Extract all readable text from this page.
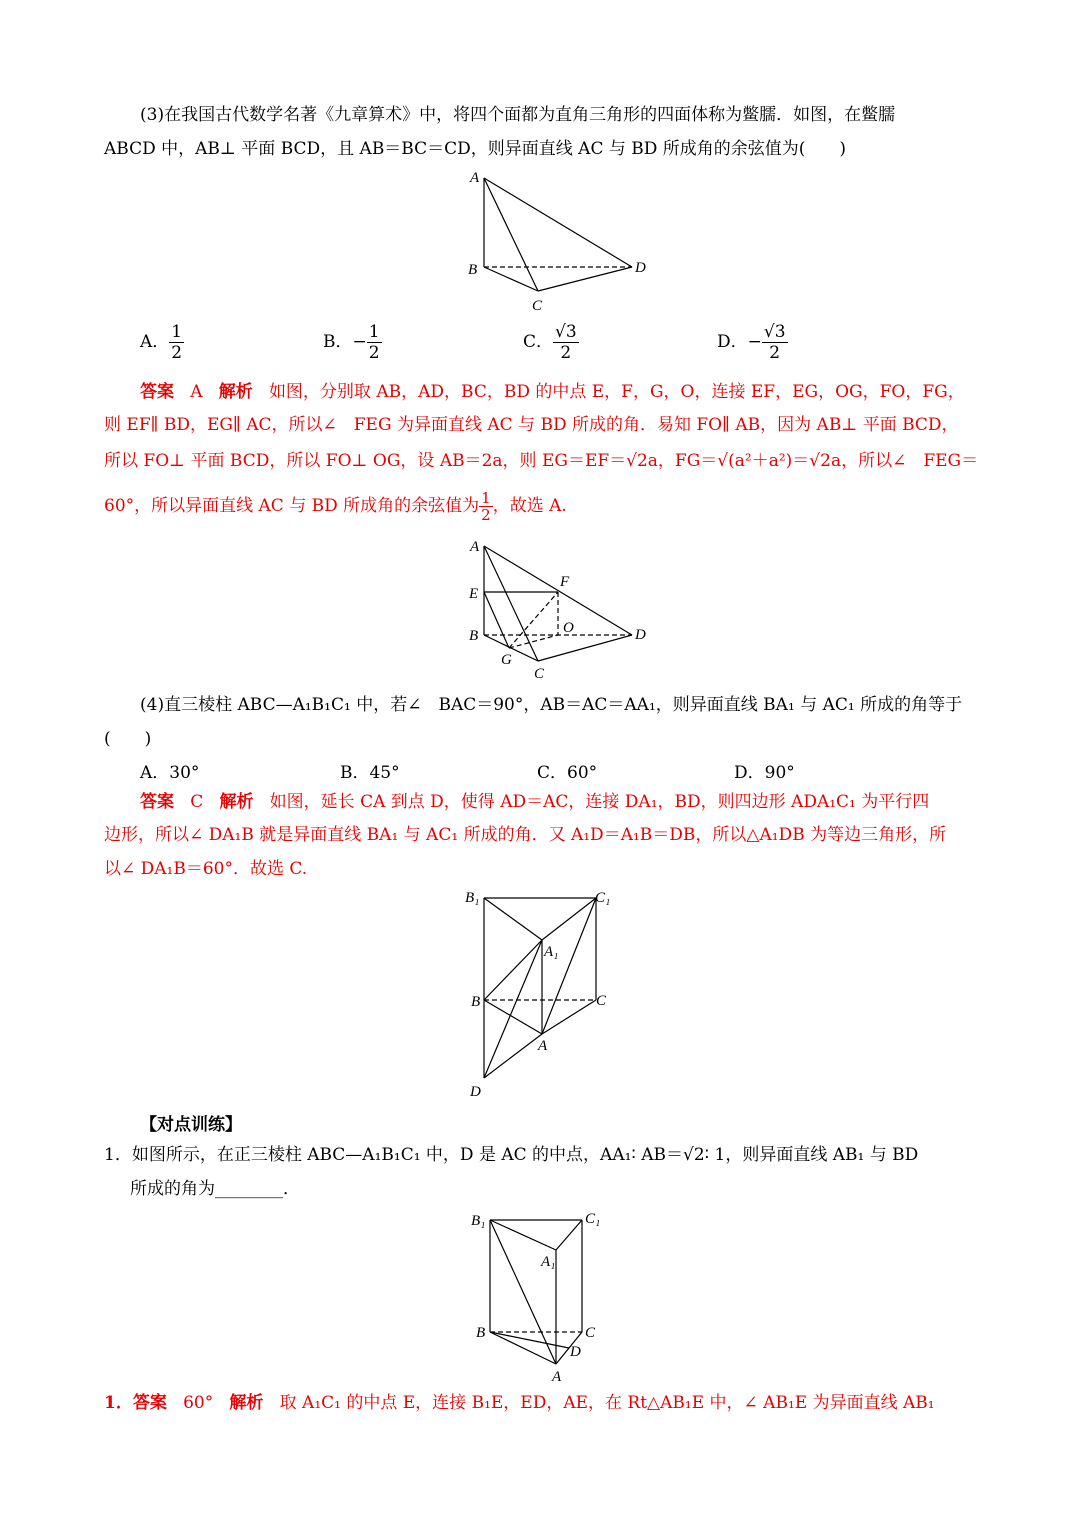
(3)在我国古代数学名著《九章算术》中，将四个面都为直角三角形的四面体称为鳖臑．如图，在鳖臑
ABCD 中，AB⊥ 平面 BCD，且 AB＝BC＝CD，则异面直线 AC 与 BD 所成角的余弦值为(　　)
A
B
C
D
A． $\frac{1}{2}$	B．− $\frac{1}{2}$	C． $\frac{√3}{2}$	D．− $\frac{√3}{2}$
答案 A 解析 如图，分别取 AB，AD，BC，BD 的中点 E，F，G，O，连接 EF，EG，OG，FO，FG，
则 EF∥ BD，EG∥ AC，所以∠　FEG 为异面直线 AC 与 BD 所成的角．易知 FO∥ AB，因为 AB⊥ 平面 BCD，
所以 FO⊥ 平面 BCD，所以 FO⊥ OG，设 AB＝2a，则 EG＝EF＝√2a，FG＝√(a²＋a²)＝√2a，所以∠　FEG＝
60°，所以异面直线 AC 与 BD 所成角的余弦值为 $\frac{1}{2}$ ，故选 A.
A
E
F
B	O	D
G
C
(4)直三棱柱 ABC—A₁B₁C₁ 中，若∠　BAC＝90°，AB＝AC＝AA₁，则异面直线 BA₁ 与 AC₁ 所成的角等于
(　　)
A．30°	B．45°	C．60°	D．90°
答案 C 解析 如图，延长 CA 到点 D，使得 AD＝AC，连接 DA₁，BD，则四边形 ADA₁C₁ 为平行四
边形，所以∠ DA₁B 就是异面直线 BA₁ 与 AC₁ 所成的角．又 A₁D＝A₁B＝DB，所以△A₁DB 为等边三角形，所
以∠ DA₁B＝60°．故选 C.
B₁	C₁
A₁
B	C
A
D
【对点训练】
1．如图所示，在正三棱柱 ABC—A₁B₁C₁ 中，D 是 AC 的中点，AA₁∶ AB＝√2∶ 1，则异面直线 AB₁ 与 BD
所成的角为________．
B₁	C₁
A₁
B	C
D
A
1．答案 60° 解析 取 A₁C₁ 的中点 E，连接 B₁E，ED，AE，在 Rt△AB₁E 中，∠ AB₁E 为异面直线 AB₁
